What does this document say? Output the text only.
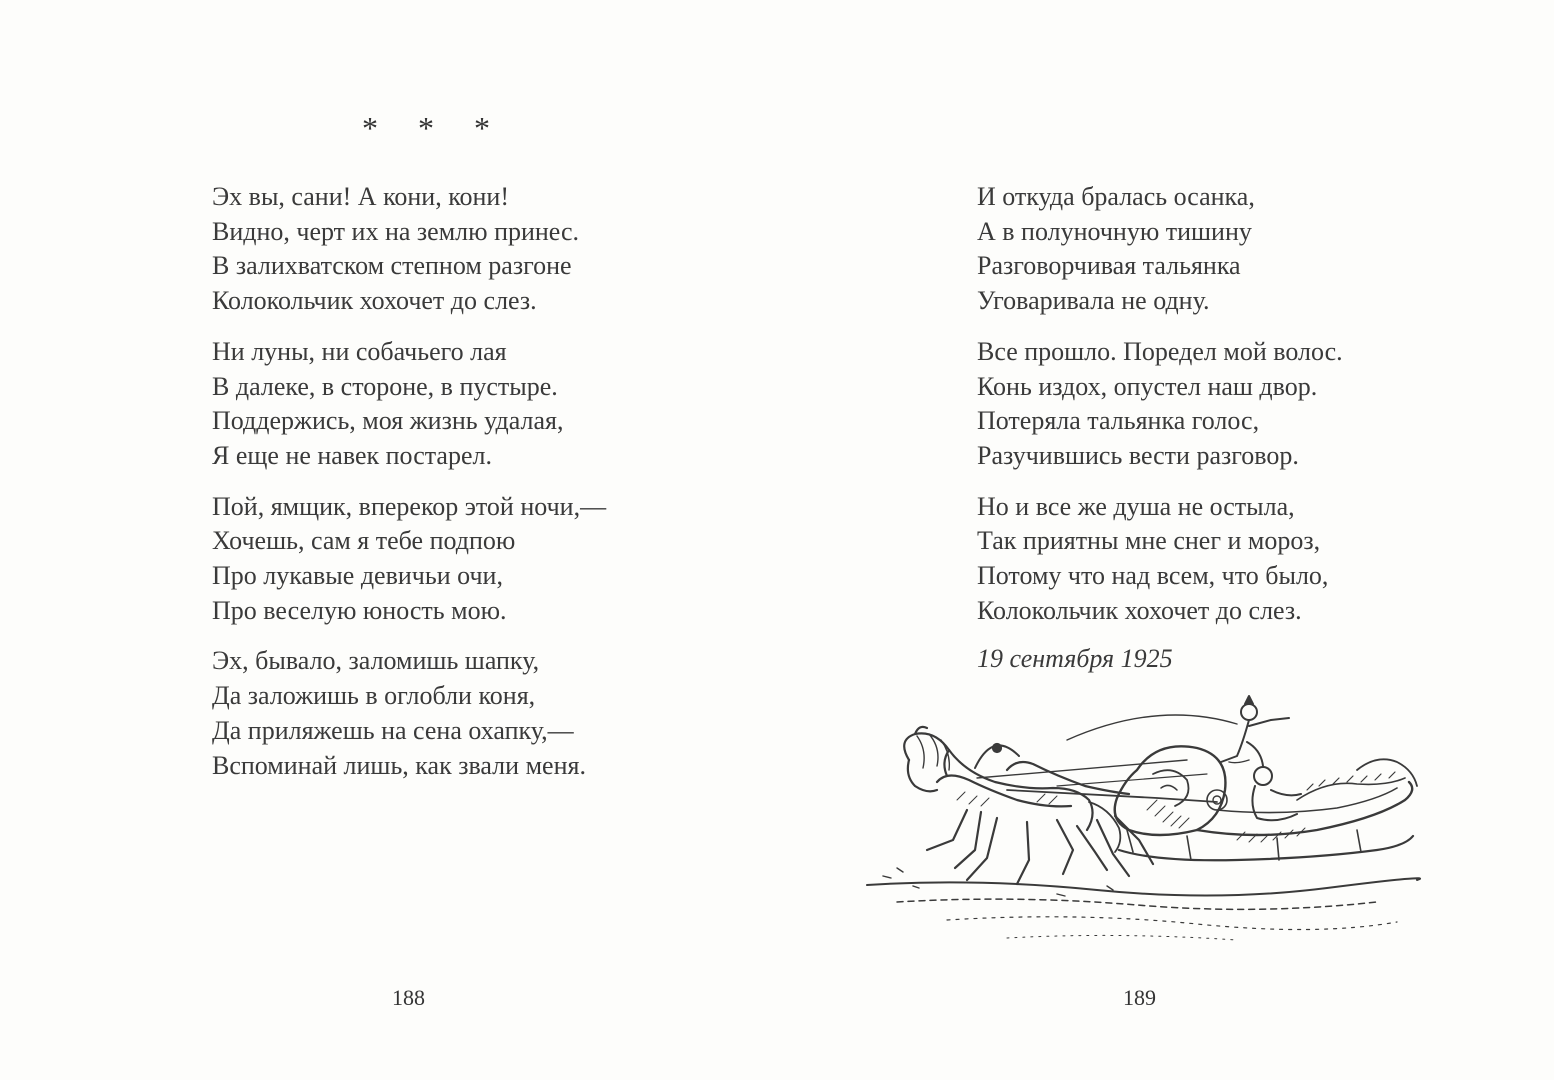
* * *
Эх вы, сани! А кони, кони!
Видно, черт их на землю принес.
В залихватском степном разгоне
Колокольчик хохочет до слез.
Ни луны, ни собачьего лая
В далеке, в стороне, в пустыре.
Поддержись, моя жизнь удалая,
Я еще не навек постарел.
Пой, ямщик, вперекор этой ночи,—
Хочешь, сам я тебе подпою
Про лукавые девичьи очи,
Про веселую юность мою.
Эх, бывало, заломишь шапку,
Да заложишь в оглобли коня,
Да приляжешь на сена охапку,—
Вспоминай лишь, как звали меня.
188
И откуда бралась осанка,
А в полуночную тишину
Разговорчивая тальянка
Уговаривала не одну.
Все прошло. Поредел мой волос.
Конь издох, опустел наш двор.
Потеряла тальянка голос,
Разучившись вести разговор.
Но и все же душа не остыла,
Так приятны мне снег и мороз,
Потому что над всем, что было,
Колокольчик хохочет до слез.
19 сентября 1925
189
